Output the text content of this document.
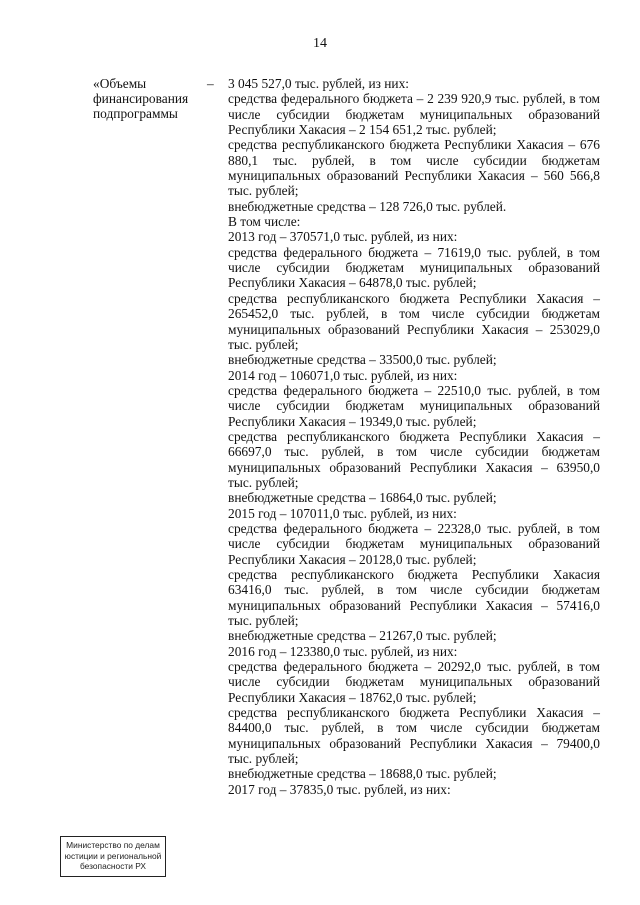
14
«Объемы
финансирования
подпрограммы
– 3 045 527,0 тыс. рублей, из них:

средства федерального бюджета – 2 239 920,9 тыс. рублей, в том числе субсидии бюджетам муниципальных образований Республики Хакасия – 2 154 651,2 тыс. рублей;

средства республиканского бюджета Республики Хакасия – 676 880,1 тыс. рублей, в том числе субсидии бюджетам муниципальных образований Республики Хакасия – 560 566,8 тыс. рублей;

внебюджетные средства – 128 726,0 тыс. рублей.

В том числе:

2013 год – 370571,0 тыс. рублей, из них:

средства федерального бюджета – 71619,0 тыс. рублей, в том числе субсидии бюджетам муниципальных образований Республики Хакасия – 64878,0 тыс. рублей;

средства республиканского бюджета Республики Хакасия – 265452,0 тыс. рублей, в том числе субсидии бюджетам муниципальных образований Республики Хакасия – 253029,0 тыс. рублей;

внебюджетные средства – 33500,0 тыс. рублей;

2014 год – 106071,0 тыс. рублей, из них:

средства федерального бюджета – 22510,0 тыс. рублей, в том числе субсидии бюджетам муниципальных образований Республики Хакасия – 19349,0 тыс. рублей;

средства республиканского бюджета Республики Хакасия – 66697,0 тыс. рублей, в том числе субсидии бюджетам муниципальных образований Республики Хакасия – 63950,0 тыс. рублей;

внебюджетные средства – 16864,0 тыс. рублей;

2015 год – 107011,0 тыс. рублей, из них:

средства федерального бюджета – 22328,0 тыс. рублей, в том числе субсидии бюджетам муниципальных образований Республики Хакасия – 20128,0 тыс. рублей;

средства республиканского бюджета Республики Хакасия 63416,0 тыс. рублей, в том числе субсидии бюджетам муниципальных образований Республики Хакасия – 57416,0 тыс. рублей;

внебюджетные средства – 21267,0 тыс. рублей;

2016 год – 123380,0 тыс. рублей, из них:

средства федерального бюджета – 20292,0 тыс. рублей, в том числе субсидии бюджетам муниципальных образований Республики Хакасия – 18762,0 тыс. рублей;

средства республиканского бюджета Республики Хакасия – 84400,0 тыс. рублей, в том числе субсидии бюджетам муниципальных образований Республики Хакасия – 79400,0 тыс. рублей;

внебюджетные средства – 18688,0 тыс. рублей;

2017 год – 37835,0 тыс. рублей, из них:

Министерство по делам
юстиции и региональной
безопасности РХ
